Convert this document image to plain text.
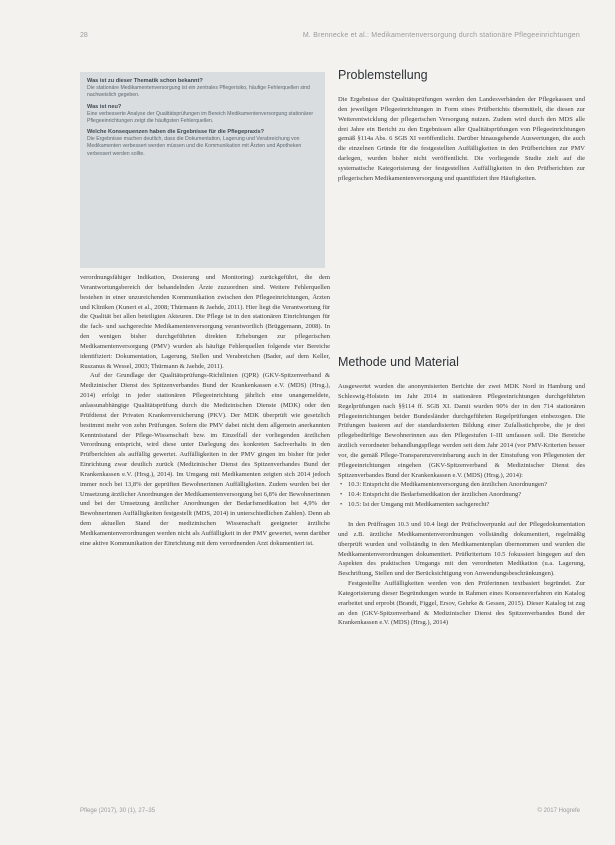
28	M. Brennecke et al.: Medikamentenversorgung durch stationäre Pflegeeinrichtungen
Was ist zu dieser Thematik schon bekannt?
Die stationäre Medikamentenversorgung ist ein zentrales Pflegerisiko, häufige Fehlerquellen sind nachweislich gegeben.
Was ist neu?
Eine verbesserte Analyse der Qualitätsprüfungen im Bereich Medikamentenversorgung stationärer Pflegeeinrichtungen zeigt die häufigsten Fehlerquellen.
Welche Konsequenzen haben die Ergebnisse für die Pflegepraxis?
Die Ergebnisse machen deutlich, dass die Dokumentation, Lagerung und Verabreichung von Medikamenten verbessert werden müssen und die Kommunikation mit Ärzten und Apotheken verbessert werden sollte.

verordnungsfähiger Indikation, Dosierung und Monitoring) zurückgeführt, die dem Verantwortungsbereich der behandelnden Ärzte zuzuordnen sind. Weitere Fehlerquellen bestehen in einer unzureichenden Kommunikation zwischen den Pflegeeinrichtungen, Ärzten und Kliniken (Kunert et al., 2008; Thürmann & Jaehde, 2011). Hier liegt die Verantwortung für die Qualität bei allen beteiligten Akteuren. Die Pflege ist in den stationären Einrichtungen für die fach- und sachgerechte Medikamentenversorgung verantwortlich (Brüggemann, 2008). In den wenigen bisher durchgeführten direkten Erhebungen zur pflegerischen Medikamentenversorgung (PMV) wurden als häufige Fehlerquellen folgende vier Bereiche identifiziert: Dokumentation, Lagerung, Stellen und Verabreichen (Bader, auf dem Keller, Ruszanus & Wessel, 2003; Thürmann & Jaehde, 2011).

Auf der Grundlage der Qualitätsprüfungs-Richtlinien (QPR) (GKV-Spitzenverband & Medizinischer Dienst des Spitzenverbandes Bund der Krankenkassen e.V. (MDS) (Hrsg.), 2014) erfolgt in jeder stationären Pflegeeinrichtung jährlich eine unangemeldete, anlassunabhängige Qualitätsprüfung durch die Medizinischen Dienste (MDK) oder den Prüfdienst der Privaten Krankenversicherung (PKV). Der MDK überprüft wie gesetzlich bestimmt mehr von zehn Prüfungen. Sofern die PMV dabei nicht dem allgemein anerkannten Kenntnisstand der Pflege-Wissenschaft bzw. im Einzelfall der vorliegenden ärztlichen Verordnung entspricht, wird diese unter Darlegung des konkreten Sachverhalts in den Prüfberichten als auffällig gewertet. Auffälligkeiten in der PMV gingen im bisher für jeder Einrichtung zwar deutlich zurück (Medizinischer Dienst des Spitzenverbandes Bund der Krankenkassen e.V. (Hrsg.), 2014). Im Umgang mit Medikamenten zeigten sich 2014 jedoch immer noch bei 13,8% der geprüften Bewohnerinnen Auffälligkeiten. Zudem wurden bei der Umsetzung ärztlicher Anordnungen der Medikamentenversorgung bei 6,8% der Bewohnerinnen und bei der Umsetzung ärztlicher Anordnungen der Bedarfsmedikation bei 4,9% der Bewohnerinnen Auffälligkeiten festgestellt (MDS, 2014) in unterschiedlichen Zahlen). Denn ab dem aktuellen Stand der medizinischen Wissenschaft geeigneter ärztliche Medikamentenverordnungen werden nicht als Auffälligkeit in der PMV gewertet, wenn darüber eine aktive Kommunikation der Einrichtung mit dem verordnenden Arzt dokumentiert ist.

Problemstellung

Die Ergebnisse der Qualitätsprüfungen werden den Landesverbänden der Pflegekassen und den jeweiligen Pflegeeinrichtungen in Form eines Prüfberichts übermittelt, die diesen zur Weiterentwicklung der pflegerischen Versorgung nutzen. Zudem wird durch den MDS alle drei Jahre ein Bericht zu den Ergebnissen aller Qualitätsprüfungen von Pflegeeinrichtungen gemäß §114a Abs. 6 SGB XI veröffentlicht. Darüber hinausgehende Auswertungen, die auch die einzelnen Gründe für die festgestellten Auffälligkeiten in den Prüfberichten zur PMV darlegen, wurden bisher nicht veröffentlicht. Die vorliegende Studie zielt auf die systematische Kategorisierung der festgestellten Auffälligkeiten in den Prüfberichten zur pflegerischen Medikamentenversorgung und quantifiziert ihre Häufigkeiten.

Methode und Material

Ausgewertet wurden die anonymisierten Berichte der zwei MDK Nord in Hamburg und Schleswig-Holstein im Jahr 2014 in stationären Pflegeeinrichtungen durchgeführten Regelprüfungen nach §§114 ff. SGB XI. Damit wurden 90% der in den 714 stationären Pflegeeinrichtungen beider Bundesländer durchgeführten Regelprüfungen einbezogen. Die Prüfungen basieren auf der standardisierten Bildung einer Zufallsstichprobe, die je drei pflegebedürftige Bewohnerinnen aus den Pflegestufen I–III umfassen soll. Die Bereiche ärztlich verordneter behandlungspflege werden seit dem Jahr 2014 (vor PMV-Kriterien besser vor, die gemäß Pflege-Transparenzvereinbarung auch in der Einstufung von Pflegenoten der Pflegeeinrichtungen eingehen (GKV-Spitzenverband & Medizinischer Dienst des Spitzenverbandes Bund der Krankenkassen e.V. (MDS) (Hrsg.), 2014):

• 10.3: Entspricht die Medikamentenversorgung den ärztlichen Anordnungen?
• 10.4: Entspricht die Bedarfsmedikation der ärztlichen Anordnung?
• 10.5: Ist der Umgang mit Medikamenten sachgerecht?

In den Prüffragen 10.3 und 10.4 liegt der Prüfschwerpunkt auf der Pflegedokumentation und z.B. ärztliche Medikamentenverordnungen vollständig dokumentiert, regelmäßig überprüft wurden und vollständig in den Medikamentenplan übernommen und wurden die Medikamentenverordnungen dokumentiert. Prüfkriterium 10.5 fokussiert hingegen auf den Aspekten des praktischen Umgangs mit den verordneten Medikation (u.a. Lagerung, Beschriftung, Stellen und der Berücksichtigung von Anwendungsbeschränkungen).

Festgestellte Auffälligkeiten werden von den Prüferinnen textbasiert begründet. Zur Kategorisierung dieser Begründungen wurde in Rahmen eines Konsensverfahren ein Katalog erarbeitet und erprobt (Brandt, Figgel, Ersov, Gehrke & Gessen, 2015). Dieser Katalog ist zug an den (GKV-Spitzenverband & Medizinischer Dienst des Spitzenverbandes Bund der Krankenkassen e.V. (MDS) (Hrsg.), 2014)

Pflege (2017), 30 (1), 27–35	© 2017 Hogrefe
